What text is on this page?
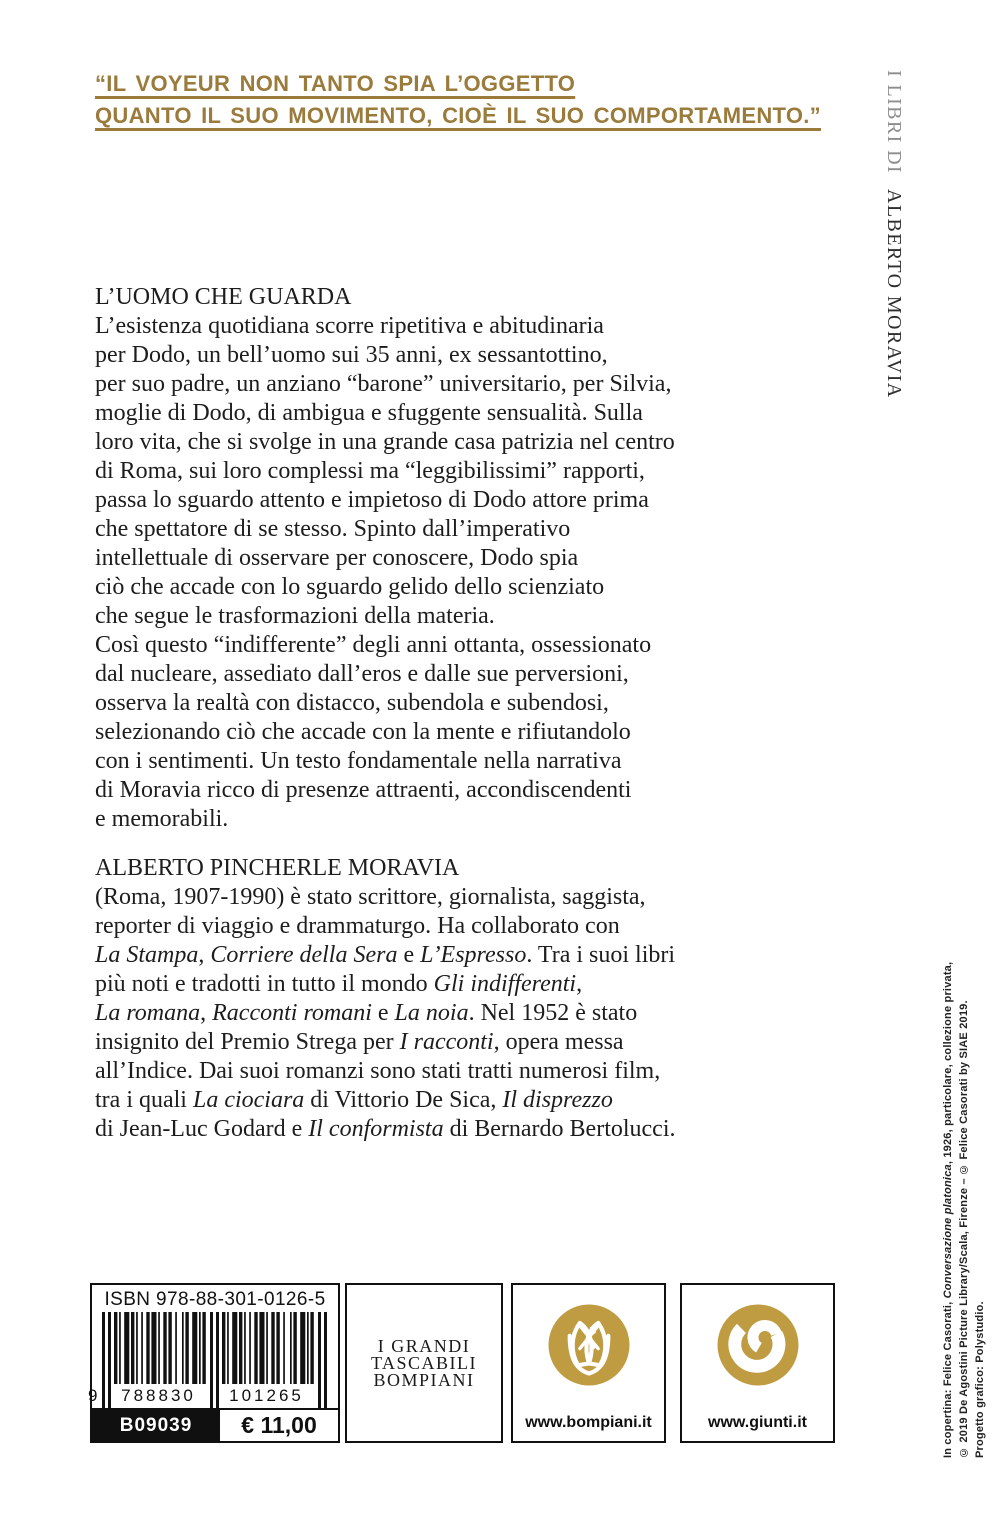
“IL VOYEUR NON TANTO SPIA L’OGGETTO
QUANTO IL SUO MOVIMENTO, CIOÈ IL SUO COMPORTAMENTO.”	I LIBRI DI ALBERTO MORAVIA
L’UOMO CHE GUARDA
L’esistenza quotidiana scorre ripetitiva e abitudinaria
per Dodo, un bell’uomo sui 35 anni, ex sessantottino,
per suo padre, un anziano “barone” universitario, per Silvia,
moglie di Dodo, di ambigua e sfuggente sensualità. Sulla
loro vita, che si svolge in una grande casa patrizia nel centro
di Roma, sui loro complessi ma “leggibilissimi” rapporti,
passa lo sguardo attento e impietoso di Dodo attore prima
che spettatore di se stesso. Spinto dall’imperativo
intellettuale di osservare per conoscere, Dodo spia
ciò che accade con lo sguardo gelido dello scienziato
che segue le trasformazioni della materia.
Così questo “indifferente” degli anni ottanta, ossessionato
dal nucleare, assediato dall’eros e dalle sue perversioni,
osserva la realtà con distacco, subendola e subendosi,
selezionando ciò che accade con la mente e rifiutandolo
con i sentimenti. Un testo fondamentale nella narrativa
di Moravia ricco di presenze attraenti, accondiscendenti
e memorabili.
ALBERTO PINCHERLE MORAVIA
(Roma, 1907-1990) è stato scrittore, giornalista, saggista,
reporter di viaggio e drammaturgo. Ha collaborato con
La Stampa, Corriere della Sera e L’Espresso. Tra i suoi libri
più noti e tradotti in tutto il mondo Gli indifferenti,
La romana, Racconti romani e La noia. Nel 1952 è stato
insignito del Premio Strega per I racconti, opera messa
all’Indice. Dai suoi romanzi sono stati tratti numerosi film,
tra i quali La ciociara di Vittorio De Sica, Il disprezzo
di Jean-Luc Godard e Il conformista di Bernardo Bertolucci.
In copertina: Felice Casorati, Conversazione platonica, 1926, particolare, collezione privata, © 2019 De Agostini Picture Library/Scala, Firenze – © Felice Casorati by SIAE 2019. Progetto grafico: Polystudio.
ISBN 978-88-301-0126-5
9	788830	101265
B09039	€ 11,00
I GRANDI
TASCABILI
BOMPIANI
www.bompiani.it	www.giunti.it
